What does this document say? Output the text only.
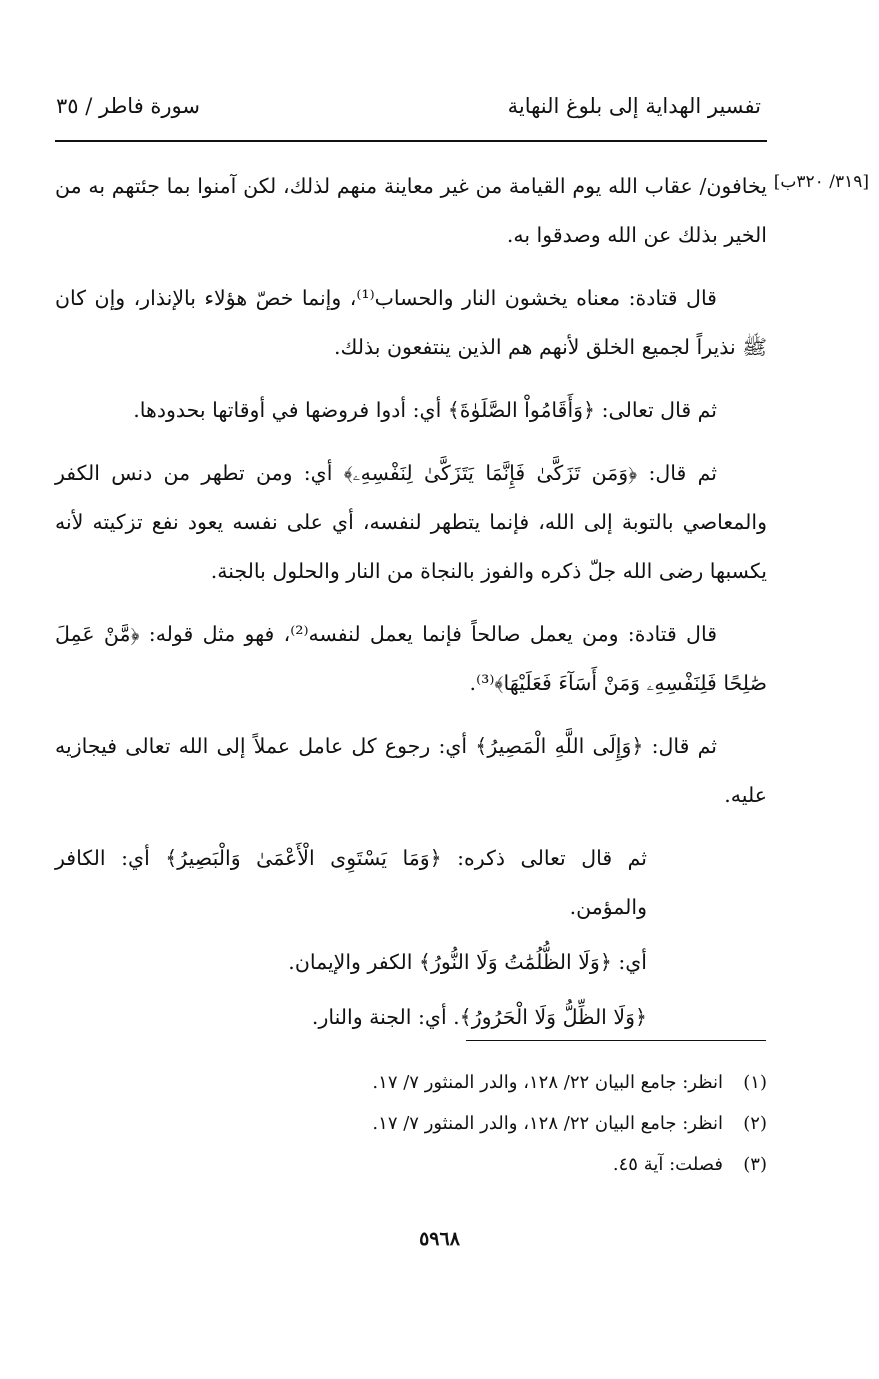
تفسير الهداية إلى بلوغ النهاية
سورة فاطر / ٣٥
[٣١٩/ ٣٢٠ب]

يخافون/ عقاب الله يوم القيامة من غير معاينة منهم لذلك، لكن آمنوا بما جئتهم به من الخير بذلك عن الله وصدقوا به.

قال قتادة: معناه يخشون النار والحساب⁽¹⁾، وإنما خصّ هؤلاء بالإنذار، وإن كان ﷺ نذيراً لجميع الخلق لأنهم هم الذين ينتفعون بذلك.

ثم قال تعالى: ﴿وَأَقَامُواْ الصَّلَوٰةَ﴾ أي: أدوا فروضها في أوقاتها بحدودها.

ثم قال: ﴿وَمَن تَزَكَّىٰ فَإِنَّمَا يَتَزَكَّىٰ لِنَفْسِهِۦ﴾ أي: ومن تطهر من دنس الكفر والمعاصي بالتوبة إلى الله، فإنما يتطهر لنفسه، أي على نفسه يعود نفع تزكيته لأنه يكسبها رضى الله جلّ ذكره والفوز بالنجاة من النار والحلول بالجنة.

قال قتادة: ومن يعمل صالحاً فإنما يعمل لنفسه⁽²⁾، فهو مثل قوله: ﴿مَّنْ عَمِلَ صَٰلِحًا فَلِنَفْسِهِۦ وَمَنْ أَسَآءَ فَعَلَيْهَا﴾⁽³⁾.

ثم قال: ﴿وَإِلَى اللَّهِ الْمَصِيرُ﴾ أي: رجوع كل عامل عملاً إلى الله تعالى فيجازيه عليه.

ثم قال تعالى ذكره: ﴿وَمَا يَسْتَوِى الْأَعْمَىٰ وَالْبَصِيرُ﴾ أي: الكافر والمؤمن.

أي: ﴿وَلَا الظُّلُمَٰتُ وَلَا النُّورُ﴾ الكفر والإيمان.

﴿وَلَا الظِّلُّ وَلَا الْحَرُورُ﴾. أي: الجنة والنار.

(١)
انظر: جامع البيان ٢٢/ ١٢٨، والدر المنثور ٧/ ١٧.
(٢)
انظر: جامع البيان ٢٢/ ١٢٨، والدر المنثور ٧/ ١٧.
(٣)
فصلت: آية ٤٥.
٥٩٦٨
